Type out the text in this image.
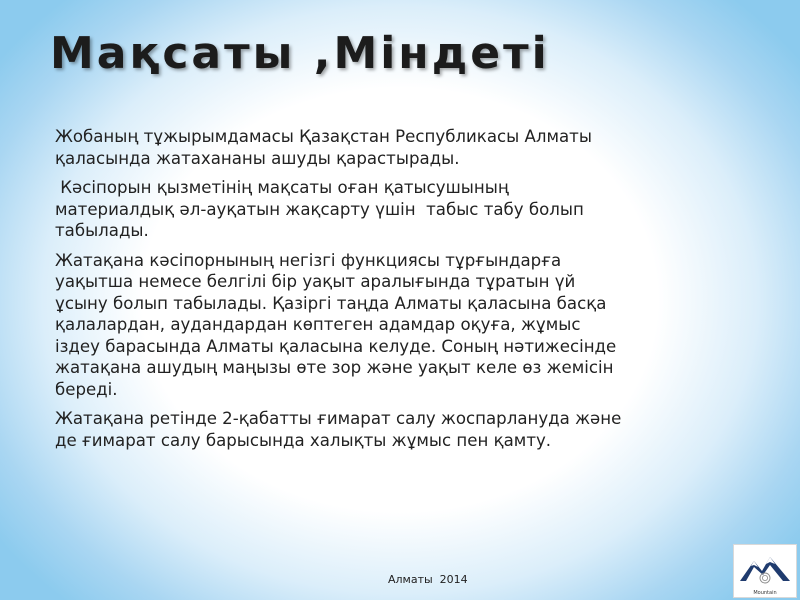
Мақсаты ,Міндеті

Жобаның тұжырымдамасы Қазақстан Республикасы Алматы қаласында жатахананы ашуды қарастырады.

Кәсіпорын қызметінің мақсаты оған қатысушының материалдық әл-ауқатын жақсарту үшін  табыс табу болып табылады.

Жатақана кәсіпорнының негізгі функциясы тұрғындарға уақытша немесе белгілі бір уақыт аралығында тұратын үй ұсыну болып табылады. Қазіргі таңда Алматы қаласына басқа қалалардан, аудандардан көптеген адамдар оқуға, жұмыс іздеу барасында Алматы қаласына келуде. Соның нәтижесінде жатақана ашудың маңызы өте зор және уақыт келе өз жемісін береді.

Жатақана ретінде 2-қабатты ғимарат салу жоспарлануда және де ғимарат салу барысында халықты жұмыс пен қамту.

Алматы  2014
Mountain
